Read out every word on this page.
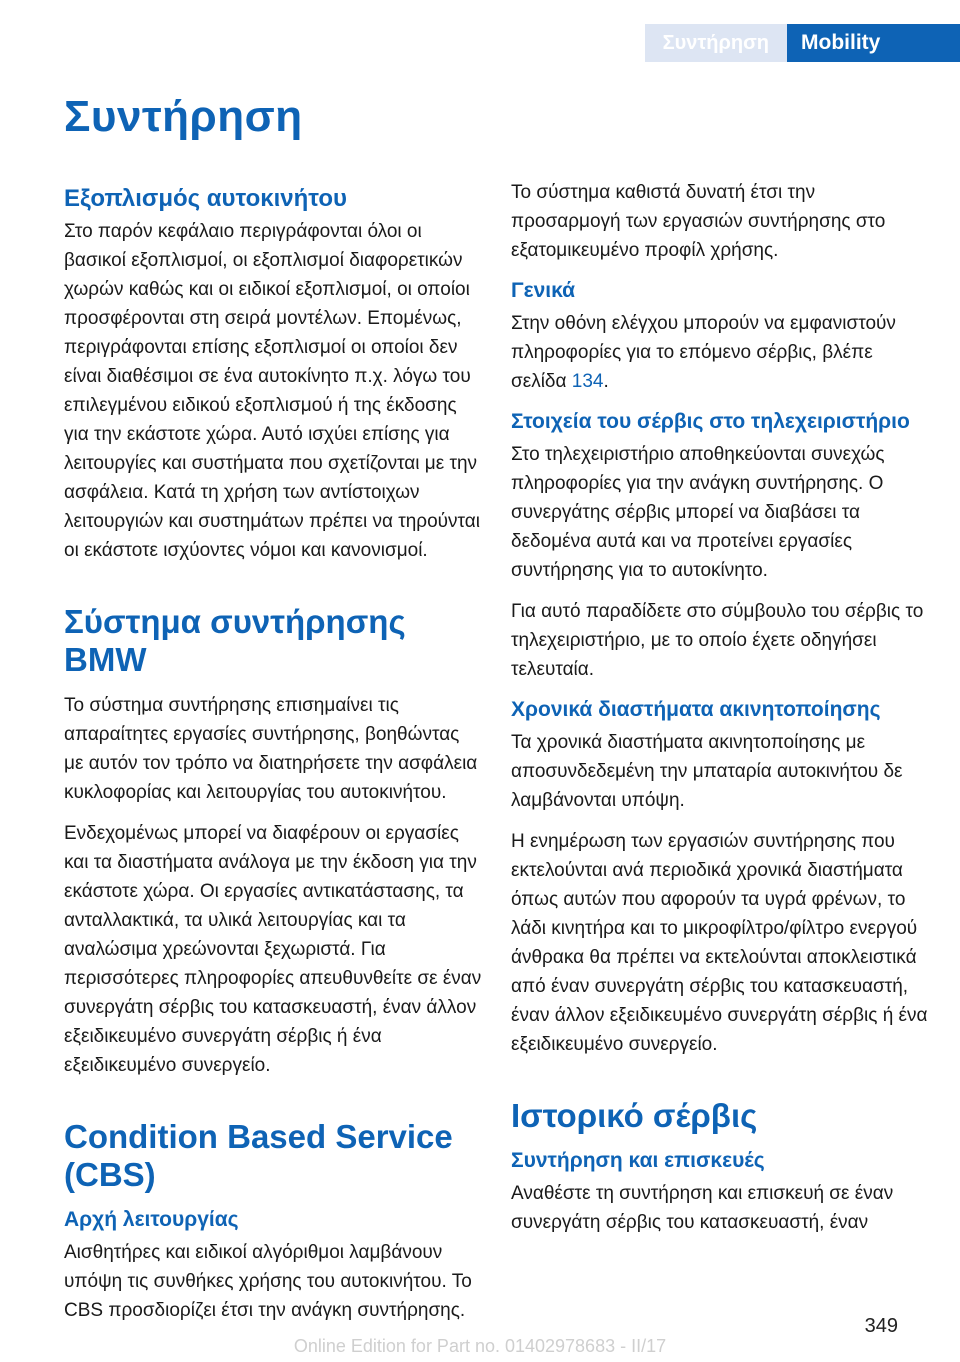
Συντήρηση	Mobility
Συντήρηση
Εξοπλισμός αυτοκινήτου

Στο παρόν κεφάλαιο περιγράφονται όλοι οι βασικοί εξοπλισμοί, οι εξοπλισμοί διαφορετικών χωρών καθώς και οι ειδικοί εξοπλισμοί, οι οποίοι προσφέρονται στη σειρά μοντέλων. Επομένως, περιγράφονται επίσης εξοπλισμοί οι οποίοι δεν είναι διαθέσιμοι σε ένα αυτοκίνητο π.χ. λόγω του επιλεγμένου ειδικού εξοπλισμού ή της έκδοσης για την εκάστοτε χώρα. Αυτό ισχύει επίσης για λειτουργίες και συστήματα που σχετίζονται με την ασφάλεια. Κατά τη χρήση των αντίστοιχων λειτουργιών και συστημάτων πρέπει να τηρούνται οι εκάστοτε ισχύοντες νόμοι και κανονισμοί.

Σύστημα συντήρησης BMW

Το σύστημα συντήρησης επισημαίνει τις απαραίτητες εργασίες συντήρησης, βοηθώντας με αυτόν τον τρόπο να διατηρήσετε την ασφάλεια κυκλοφορίας και λειτουργίας του αυτοκινήτου.

Ενδεχομένως μπορεί να διαφέρουν οι εργασίες και τα διαστήματα ανάλογα με την έκδοση για την εκάστοτε χώρα. Οι εργασίες αντικατάστασης, τα ανταλλακτικά, τα υλικά λειτουργίας και τα αναλώσιμα χρεώνονται ξεχωριστά. Για περισσότερες πληροφορίες απευθυνθείτε σε έναν συνεργάτη σέρβις του κατασκευαστή, έναν άλλον εξειδικευμένο συνεργάτη σέρβις ή ένα εξειδικευμένο συνεργείο.

Condition Based Service (CBS)
Αρχή λειτουργίας

Αισθητήρες και ειδικοί αλγόριθμοι λαμβάνουν υπόψη τις συνθήκες χρήσης του αυτοκινήτου. Το CBS προσδιορίζει έτσι την ανάγκη συντήρησης.

Το σύστημα καθιστά δυνατή έτσι την προσαρμογή των εργασιών συντήρησης στο εξατομικευμένο προφίλ χρήσης.

Γενικά

Στην οθόνη ελέγχου μπορούν να εμφανιστούν πληροφορίες για το επόμενο σέρβις, βλέπε σελίδα 134.

Στοιχεία του σέρβις στο τηλεχειριστήριο

Στο τηλεχειριστήριο αποθηκεύονται συνεχώς πληροφορίες για την ανάγκη συντήρησης. Ο συνεργάτης σέρβις μπορεί να διαβάσει τα δεδομένα αυτά και να προτείνει εργασίες συντήρησης για το αυτοκίνητο.

Για αυτό παραδίδετε στο σύμβουλο του σέρβις το τηλεχειριστήριο, με το οποίο έχετε οδηγήσει τελευταία.

Χρονικά διαστήματα ακινητοποίησης

Τα χρονικά διαστήματα ακινητοποίησης με αποσυνδεδεμένη την μπαταρία αυτοκινήτου δε λαμβάνονται υπόψη.

Η ενημέρωση των εργασιών συντήρησης που εκτελούνται ανά περιοδικά χρονικά διαστήματα όπως αυτών που αφορούν τα υγρά φρένων, το λάδι κινητήρα και το μικροφίλτρο/φίλτρο ενεργού άνθρακα θα πρέπει να εκτελούνται αποκλειστικά από έναν συνεργάτη σέρβις του κατασκευαστή, έναν άλλον εξειδικευμένο συνεργάτη σέρβις ή ένα εξειδικευμένο συνεργείο.

Ιστορικό σέρβις
Συντήρηση και επισκευές

Αναθέστε τη συντήρηση και επισκευή σε έναν συνεργάτη σέρβις του κατασκευαστή, έναν

349
Online Edition for Part no. 01402978683 - II/17
